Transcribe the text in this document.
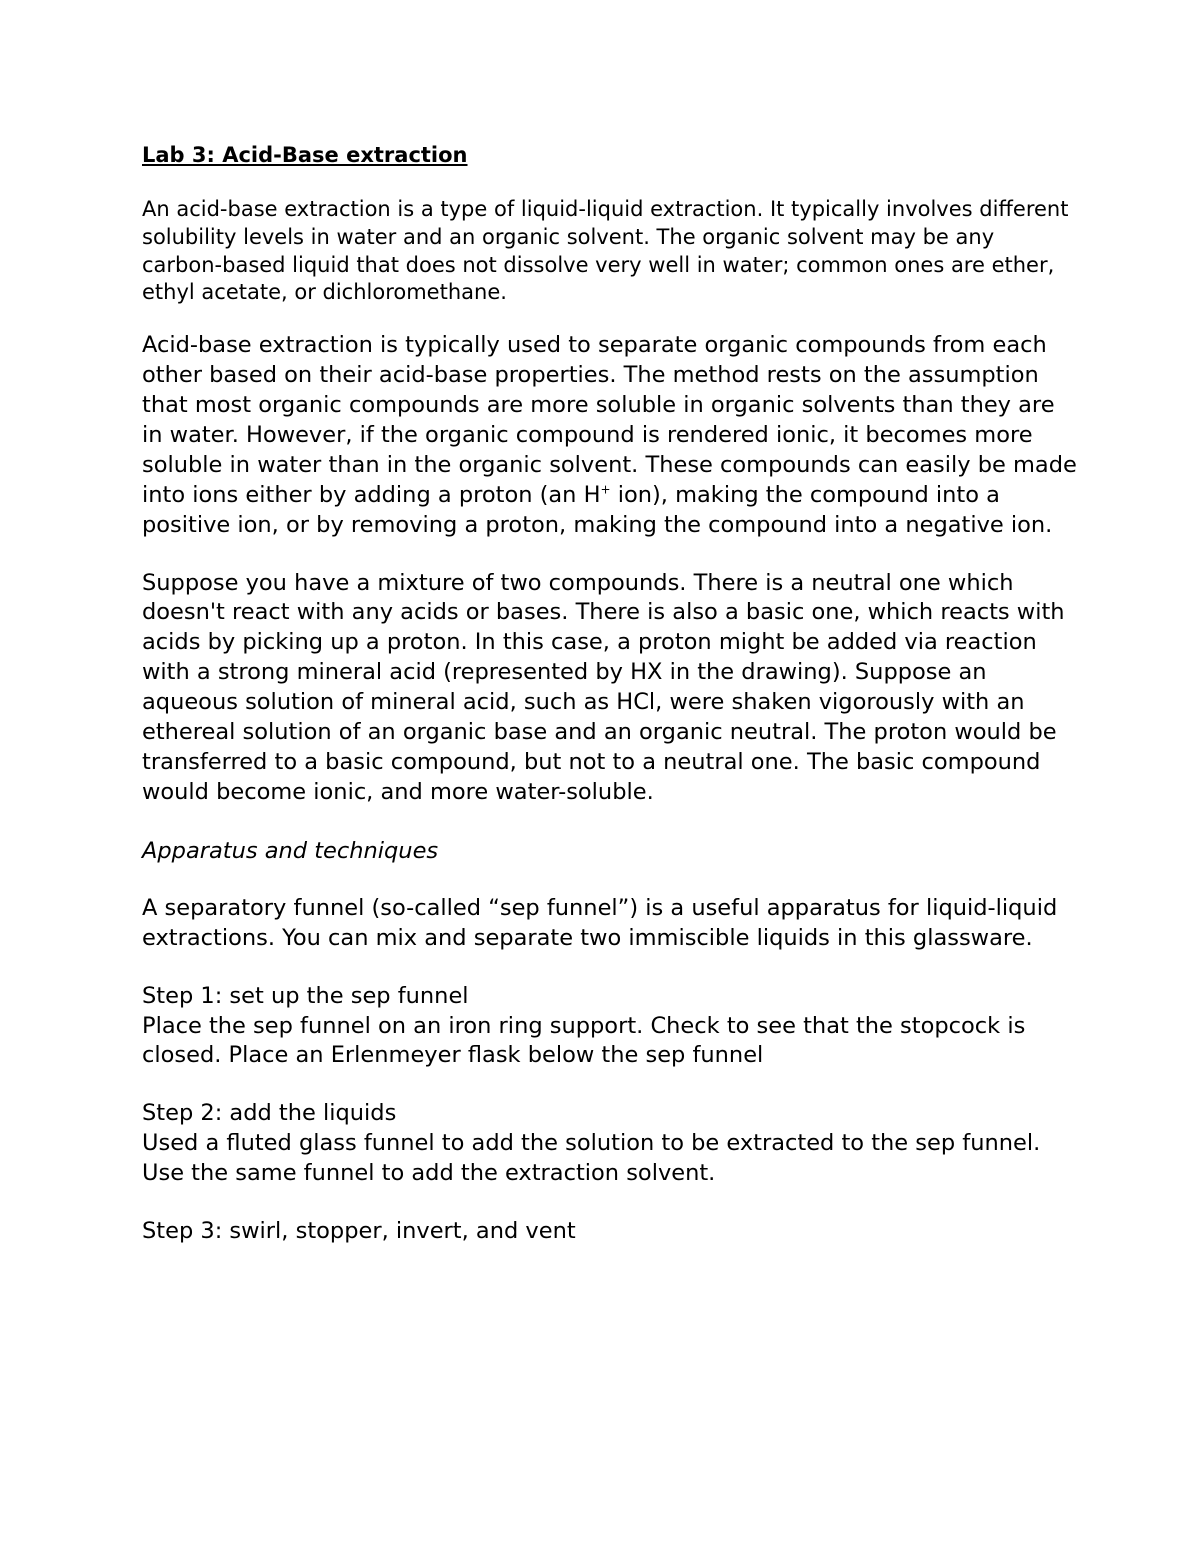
Lab 3: Acid-Base extraction

An acid-base extraction is a type of liquid-liquid extraction. It typically involves different solubility levels in water and an organic solvent. The organic solvent may be any carbon-based liquid that does not dissolve very well in water; common ones are ether, ethyl acetate, or dichloromethane.

Acid-base extraction is typically used to separate organic compounds from each other based on their acid-base properties. The method rests on the assumption that most organic compounds are more soluble in organic solvents than they are in water. However, if the organic compound is rendered ionic, it becomes more soluble in water than in the organic solvent. These compounds can easily be made into ions either by adding a proton (an H+ ion), making the compound into a positive ion, or by removing a proton, making the compound into a negative ion.

Suppose you have a mixture of two compounds. There is a neutral one which doesn't react with any acids or bases. There is also a basic one, which reacts with acids by picking up a proton. In this case, a proton might be added via reaction with a strong mineral acid (represented by HX in the drawing). Suppose an aqueous solution of mineral acid, such as HCl, were shaken vigorously with an ethereal solution of an organic base and an organic neutral. The proton would be transferred to a basic compound, but not to a neutral one. The basic compound would become ionic, and more water-soluble.

Apparatus and techniques

A separatory funnel (so-called “sep funnel”) is a useful apparatus for liquid-liquid extractions. You can mix and separate two immiscible liquids in this glassware.

Step 1: set up the sep funnel

Place the sep funnel on an iron ring support. Check to see that the stopcock is closed. Place an Erlenmeyer flask below the sep funnel

Step 2: add the liquids

Used a fluted glass funnel to add the solution to be extracted to the sep funnel. Use the same funnel to add the extraction solvent.

Step 3: swirl, stopper, invert, and vent
